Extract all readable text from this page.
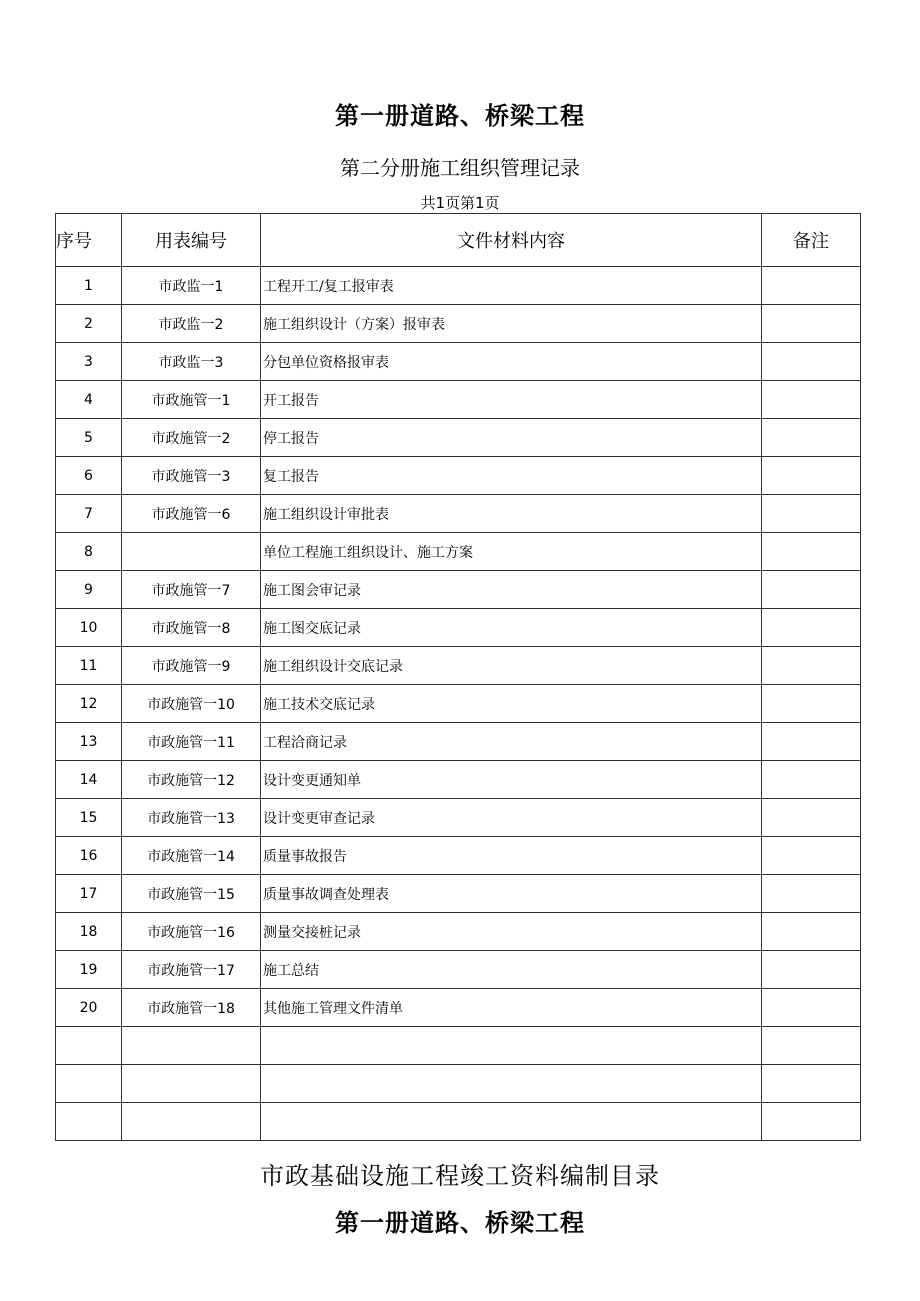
第一册道路、桥梁工程
第二分册施工组织管理记录
共1页第1页
序号	用表编号	文件材料内容	备注
1	市政监一1	工程开工/复工报审表	
2	市政监一2	施工组织设计（方案）报审表	
3	市政监一3	分包单位资格报审表	
4	市政施管一1	开工报告	
5	市政施管一2	停工报告	
6	市政施管一3	复工报告	
7	市政施管一6	施工组织设计审批表	
8		单位工程施工组织设计、施工方案	
9	市政施管一7	施工图会审记录	
10	市政施管一8	施工图交底记录	
11	市政施管一9	施工组织设计交底记录	
12	市政施管一10	施工技术交底记录	
13	市政施管一11	工程洽商记录	
14	市政施管一12	设计变更通知单	
15	市政施管一13	设计变更审查记录	
16	市政施管一14	质量事故报告	
17	市政施管一15	质量事故调查处理表	
18	市政施管一16	测量交接桩记录	
19	市政施管一17	施工总结	
20	市政施管一18	其他施工管理文件清单	

市政基础设施工程竣工资料编制目录
第一册道路、桥梁工程
